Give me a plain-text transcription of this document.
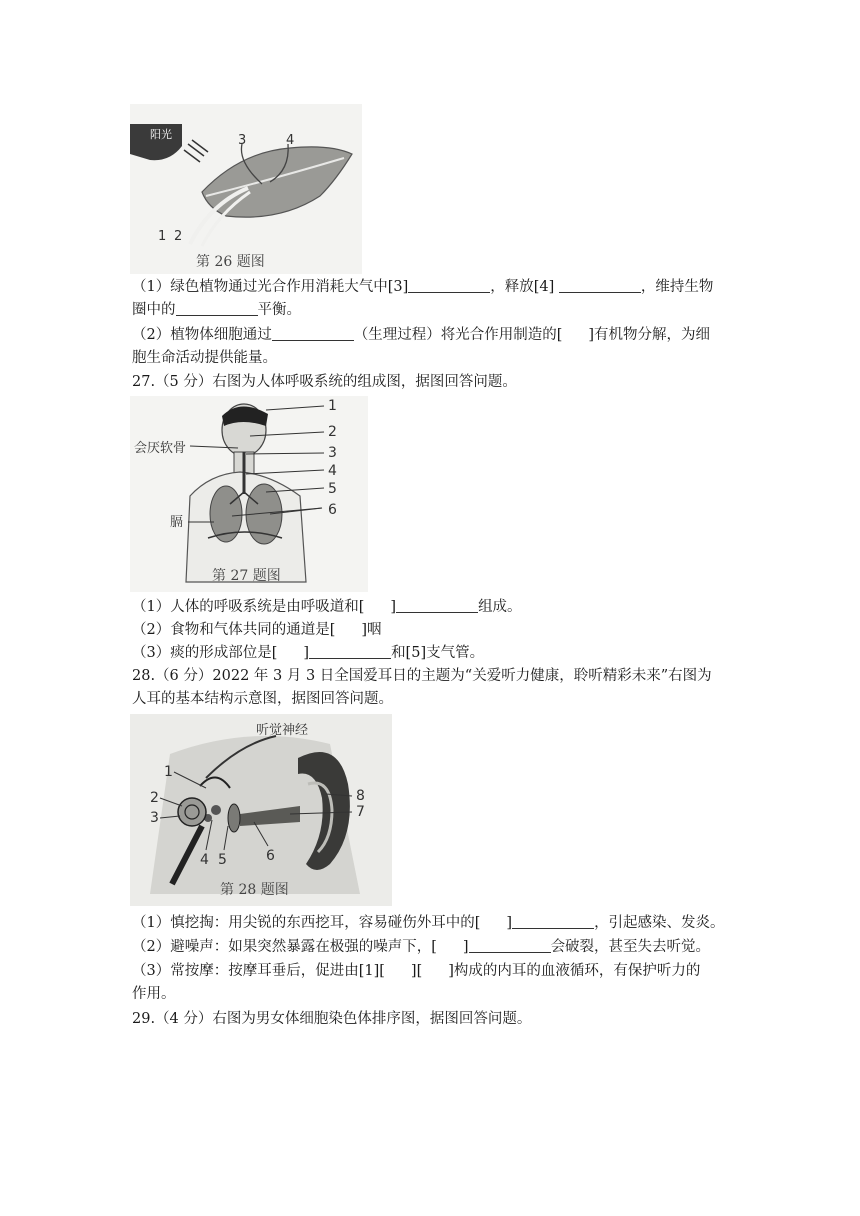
阳光	3	4
1 2
第 26 题图
（1）绿色植物通过光合作用消耗大气中[3]	，释放[4]	，维持生物
圈中的	平衡。
（2）植物体细胞通过	（生理过程）将光合作用制造的[ ]有机物分解，为细
胞生命活动提供能量。
27.（5 分）右图为人体呼吸系统的组成图，据图回答问题。
1
2
3
4
5
6
会厌软骨
膈
第 27 题图
（1）人体的呼吸系统是由呼吸道和[ ]	组成。
（2）食物和气体共同的通道是[ ]咽
（3）痰的形成部位是[ ]	和[5]支气管。
28.（6 分）2022 年 3 月 3 日全国爱耳日的主题为“关爱听力健康，聆听精彩未来”右图为
人耳的基本结构示意图，据图回答问题。
听觉神经
1
2
3
4 5	6
7
8
第 28 题图
（1）慎挖掏：用尖锐的东西挖耳，容易碰伤外耳中的[ ]	，引起感染、发炎。
（2）避噪声：如果突然暴露在极强的噪声下，[ ]	会破裂，甚至失去听觉。
（3）常按摩：按摩耳垂后，促进由[1][ ][ ]构成的内耳的血液循环，有保护听力的
作用。
29.（4 分）右图为男女体细胞染色体排序图，据图回答问题。
